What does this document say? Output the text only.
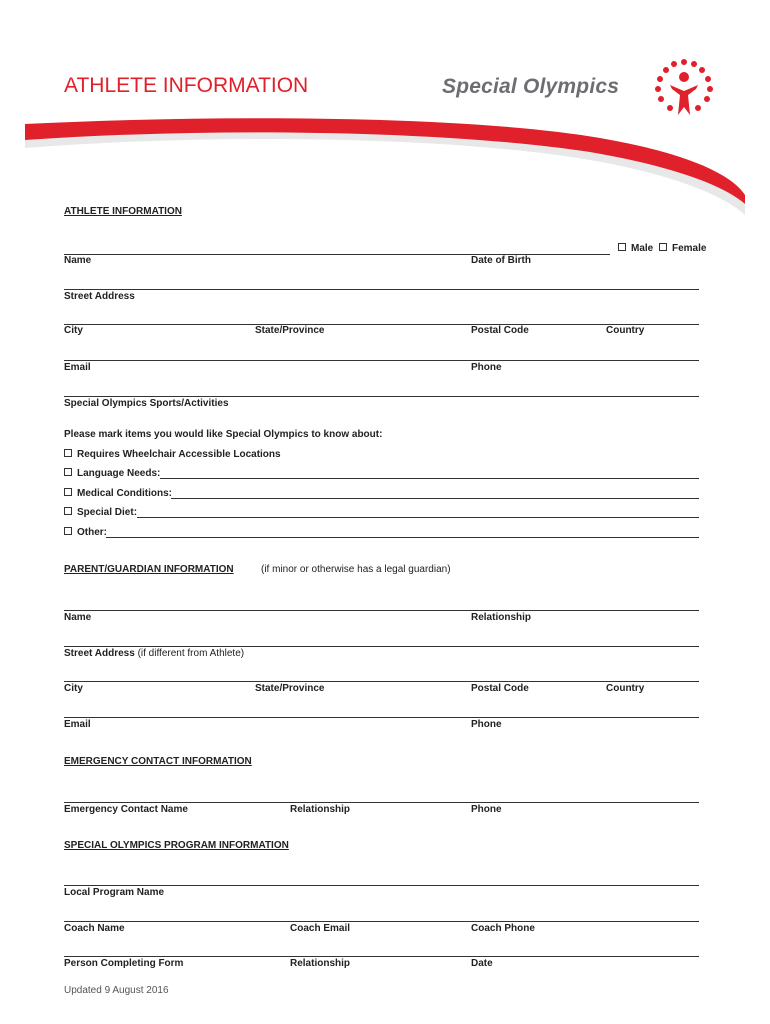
ATHLETE INFORMATION	Special Olympics
ATHLETE INFORMATION
Male	Female
Name	Date of Birth
Street Address
City	State/Province	Postal Code	Country
Email	Phone
Special Olympics Sports/Activities
Please mark items you would like Special Olympics to know about:
Requires Wheelchair Accessible Locations
Language Needs:
Medical Conditions:
Special Diet:
Other:
PARENT/GUARDIAN INFORMATION	(if minor or otherwise has a legal guardian)
Name	Relationship
Street Address (if different from Athlete)
City	State/Province	Postal Code	Country
Email	Phone
EMERGENCY CONTACT INFORMATION
Emergency Contact Name	Relationship	Phone
SPECIAL OLYMPICS PROGRAM INFORMATION
Local Program Name
Coach Name	Coach Email	Coach Phone
Person Completing Form	Relationship	Date
Updated 9 August 2016
